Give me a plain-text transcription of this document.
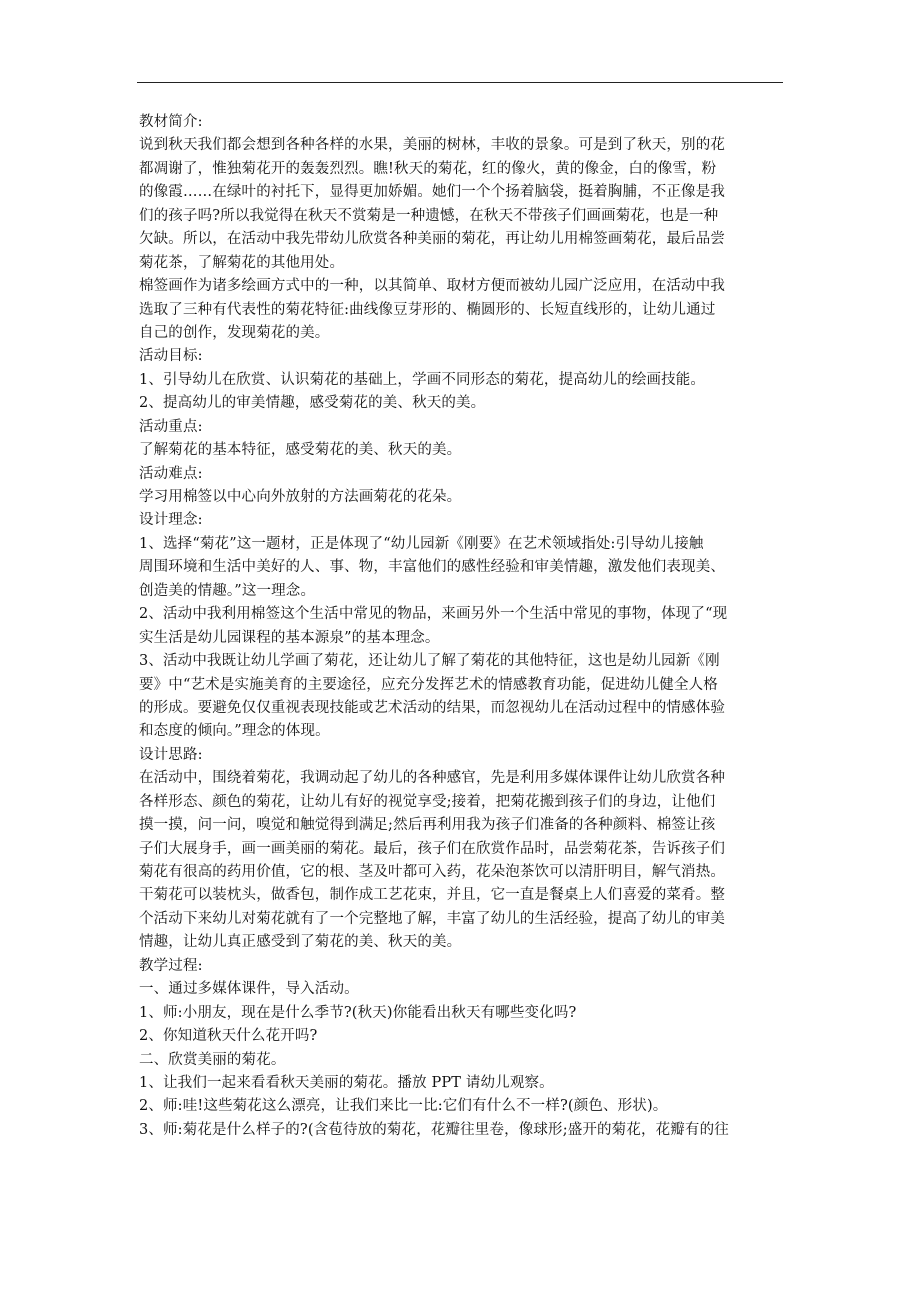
教材简介:
说到秋天我们都会想到各种各样的水果，美丽的树林，丰收的景象。可是到了秋天，别的花
都凋谢了，惟独菊花开的轰轰烈烈。瞧!秋天的菊花，红的像火，黄的像金，白的像雪，粉
的像霞……在绿叶的衬托下，显得更加娇媚。她们一个个扬着脑袋，挺着胸脯，不正像是我
们的孩子吗?所以我觉得在秋天不赏菊是一种遗憾，在秋天不带孩子们画画菊花，也是一种
欠缺。所以，在活动中我先带幼儿欣赏各种美丽的菊花，再让幼儿用棉签画菊花，最后品尝
菊花茶，了解菊花的其他用处。
棉签画作为诸多绘画方式中的一种，以其简单、取材方便而被幼儿园广泛应用，在活动中我
选取了三种有代表性的菊花特征:曲线像豆芽形的、椭圆形的、长短直线形的，让幼儿通过
自己的创作，发现菊花的美。
活动目标:
1、引导幼儿在欣赏、认识菊花的基础上，学画不同形态的菊花，提高幼儿的绘画技能。
2、提高幼儿的审美情趣，感受菊花的美、秋天的美。
活动重点:
了解菊花的基本特征，感受菊花的美、秋天的美。
活动难点:
学习用棉签以中心向外放射的方法画菊花的花朵。
设计理念:
1、选择“菊花”这一题材，正是体现了“幼儿园新《刚要》在艺术领域指处:引导幼儿接触
周围环境和生活中美好的人、事、物，丰富他们的感性经验和审美情趣，激发他们表现美、
创造美的情趣。”这一理念。
2、活动中我利用棉签这个生活中常见的物品，来画另外一个生活中常见的事物，体现了“现
实生活是幼儿园课程的基本源泉”的基本理念。
3、活动中我既让幼儿学画了菊花，还让幼儿了解了菊花的其他特征，这也是幼儿园新《刚
要》中“艺术是实施美育的主要途径，应充分发挥艺术的情感教育功能，促进幼儿健全人格
的形成。要避免仅仅重视表现技能或艺术活动的结果，而忽视幼儿在活动过程中的情感体验
和态度的倾向。”理念的体现。
设计思路:
在活动中，围绕着菊花，我调动起了幼儿的各种感官，先是利用多媒体课件让幼儿欣赏各种
各样形态、颜色的菊花，让幼儿有好的视觉享受;接着，把菊花搬到孩子们的身边，让他们
摸一摸，问一问，嗅觉和触觉得到满足;然后再利用我为孩子们准备的各种颜料、棉签让孩
子们大展身手，画一画美丽的菊花。最后，孩子们在欣赏作品时，品尝菊花茶，告诉孩子们
菊花有很高的药用价值，它的根、茎及叶都可入药，花朵泡茶饮可以清肝明目，解气消热。
干菊花可以装枕头，做香包，制作成工艺花束，并且，它一直是餐桌上人们喜爱的菜肴。整
个活动下来幼儿对菊花就有了一个完整地了解，丰富了幼儿的生活经验，提高了幼儿的审美
情趣，让幼儿真正感受到了菊花的美、秋天的美。
教学过程:
一、通过多媒体课件，导入活动。
1、师:小朋友，现在是什么季节?(秋天)你能看出秋天有哪些变化吗?
2、你知道秋天什么花开吗?
二、欣赏美丽的菊花。
1、让我们一起来看看秋天美丽的菊花。播放 PPT 请幼儿观察。
2、师:哇!这些菊花这么漂亮，让我们来比一比:它们有什么不一样?(颜色、形状)。
3、师:菊花是什么样子的?(含苞待放的菊花，花瓣往里卷，像球形;盛开的菊花，花瓣有的往
